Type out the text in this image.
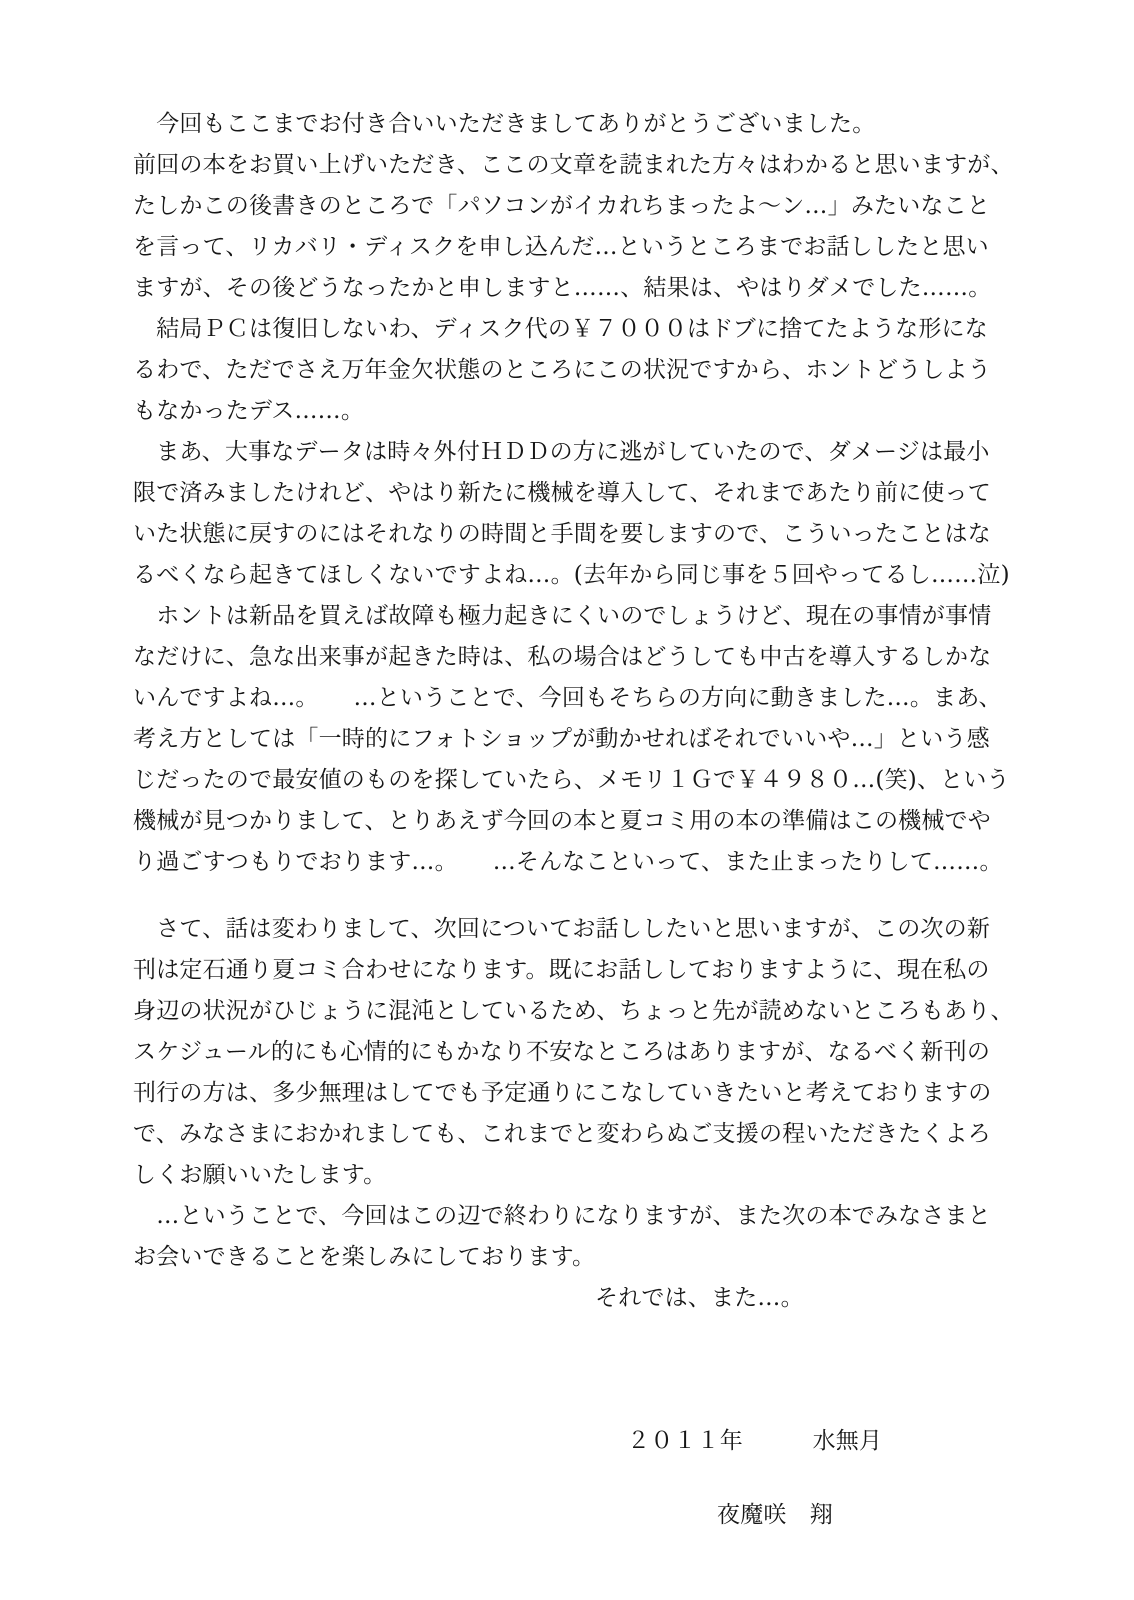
　今回もここまでお付き合いいただきましてありがとうございました。
前回の本をお買い上げいただき、ここの文章を読まれた方々はわかると思いますが、
たしかこの後書きのところで「パソコンがイカれちまったよ～ン…」みたいなこと
を言って、リカバリ・ディスクを申し込んだ…というところまでお話ししたと思い
ますが、その後どうなったかと申しますと……、結果は、やはりダメでした……。
　結局ＰＣは復旧しないわ、ディスク代の￥７０００はドブに捨てたような形にな
るわで、ただでさえ万年金欠状態のところにこの状況ですから、ホントどうしよう
もなかったデス……。
　まあ、大事なデータは時々外付ＨＤＤの方に逃がしていたので、ダメージは最小
限で済みましたけれど、やはり新たに機械を導入して、それまであたり前に使って
いた状態に戻すのにはそれなりの時間と手間を要しますので、こういったことはな
るべくなら起きてほしくないですよね…。(去年から同じ事を５回やってるし……泣)
　ホントは新品を買えば故障も極力起きにくいのでしょうけど、現在の事情が事情
なだけに、急な出来事が起きた時は、私の場合はどうしても中古を導入するしかな
いんですよね…。　　…ということで、今回もそちらの方向に動きました…。まあ、
考え方としては「一時的にフォトショップが動かせればそれでいいや…」という感
じだったので最安値のものを探していたら、メモリ１Ｇで￥４９８０…(笑)、という
機械が見つかりまして、とりあえず今回の本と夏コミ用の本の準備はこの機械でや
り過ごすつもりでおります…。　　…そんなこといって、また止まったりして……。
　さて、話は変わりまして、次回についてお話ししたいと思いますが、この次の新
刊は定石通り夏コミ合わせになります。既にお話ししておりますように、現在私の
身辺の状況がひじょうに混沌としているため、ちょっと先が読めないところもあり、
スケジュール的にも心情的にもかなり不安なところはありますが、なるべく新刊の
刊行の方は、多少無理はしてでも予定通りにこなしていきたいと考えておりますの
で、みなさまにおかれましても、これまでと変わらぬご支援の程いただきたくよろ
しくお願いいたします。
　…ということで、今回はこの辺で終わりになりますが、また次の本でみなさまと
お会いできることを楽しみにしております。
それでは、また…。
２０１１年　　　水無月
夜魔咲　翔
